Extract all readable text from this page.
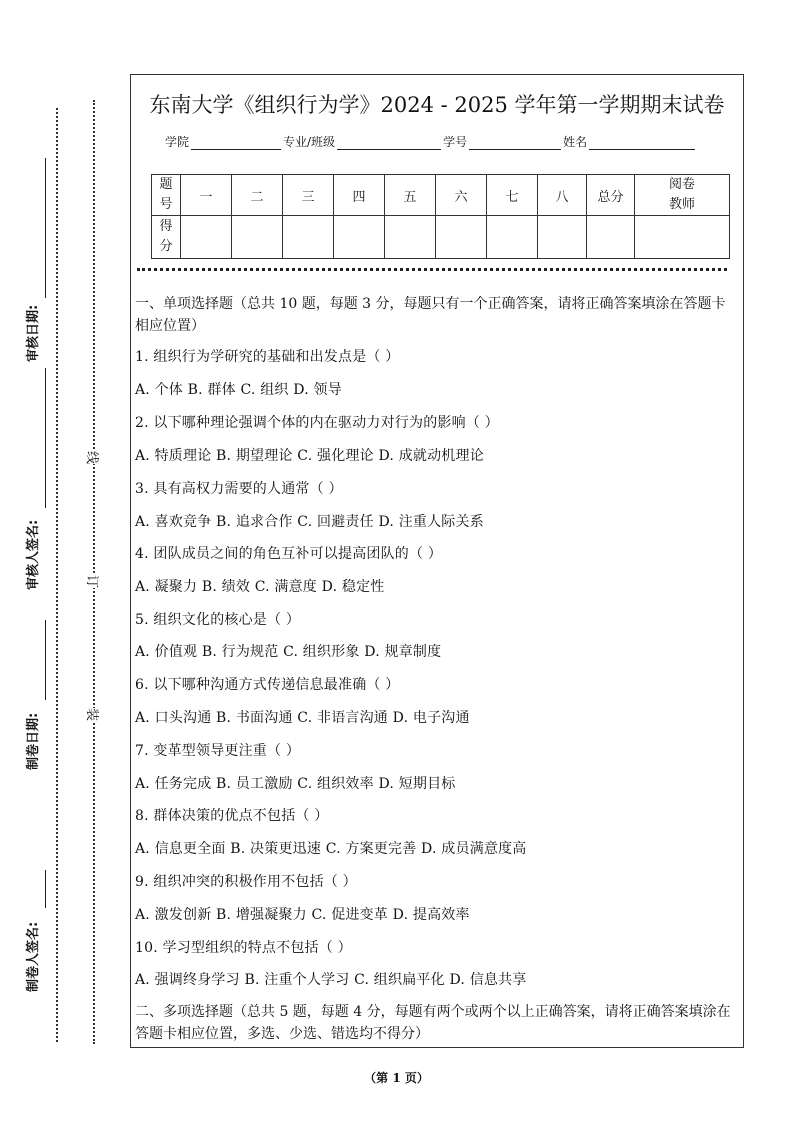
审核日期:
审核人签名:
制卷日期:
制卷人签名:
线
订
装
东南大学《组织行为学》2024 - 2025 学年第一学期期末试卷
学院	专业/班级	学号	姓名
题
号	一	二	三	四	五	六	七	八	总分	阅卷
教师
得
分										
一、单项选择题（总共 10 题，每题 3 分，每题只有一个正确答案，请将正确答案填涂在答题卡相应位置）
1. 组织行为学研究的基础和出发点是（ ）
A. 个体 B. 群体 C. 组织 D. 领导
2. 以下哪种理论强调个体的内在驱动力对行为的影响（ ）
A. 特质理论 B. 期望理论 C. 强化理论 D. 成就动机理论
3. 具有高权力需要的人通常（ ）
A. 喜欢竞争 B. 追求合作 C. 回避责任 D. 注重人际关系
4. 团队成员之间的角色互补可以提高团队的（ ）
A. 凝聚力 B. 绩效 C. 满意度 D. 稳定性
5. 组织文化的核心是（ ）
A. 价值观 B. 行为规范 C. 组织形象 D. 规章制度
6. 以下哪种沟通方式传递信息最准确（ ）
A. 口头沟通 B. 书面沟通 C. 非语言沟通 D. 电子沟通
7. 变革型领导更注重（ ）
A. 任务完成 B. 员工激励 C. 组织效率 D. 短期目标
8. 群体决策的优点不包括（ ）
A. 信息更全面 B. 决策更迅速 C. 方案更完善 D. 成员满意度高
9. 组织冲突的积极作用不包括（ ）
A. 激发创新 B. 增强凝聚力 C. 促进变革 D. 提高效率
10. 学习型组织的特点不包括（ ）
A. 强调终身学习 B. 注重个人学习 C. 组织扁平化 D. 信息共享
二、多项选择题（总共 5 题，每题 4 分，每题有两个或两个以上正确答案，请将正确答案填涂在答题卡相应位置，多选、少选、错选均不得分）
（第 1 页）
